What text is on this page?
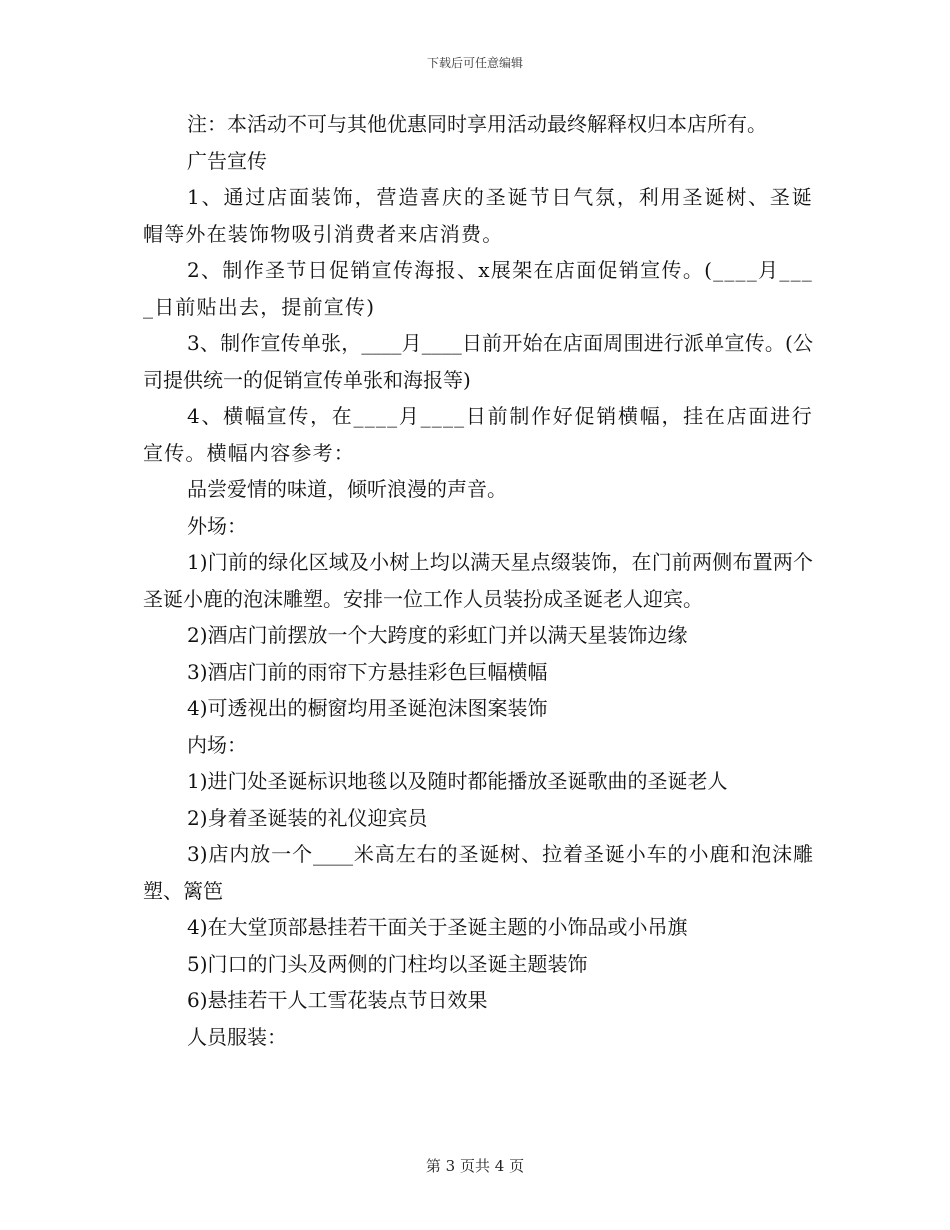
下载后可任意编辑

注：本活动不可与其他优惠同时享用活动最终解释权归本店所有。

广告宣传

1、通过店面装饰，营造喜庆的圣诞节日气氛，利用圣诞树、圣诞帽等外在装饰物吸引消费者来店消费。

2、制作圣节日促销宣传海报、x展架在店面促销宣传。(____月____日前贴出去，提前宣传)

3、制作宣传单张，____月____日前开始在店面周围进行派单宣传。(公司提供统一的促销宣传单张和海报等)

4、横幅宣传，在____月____日前制作好促销横幅，挂在店面进行宣传。横幅内容参考：

品尝爱情的味道，倾听浪漫的声音。

外场：

1)门前的绿化区域及小树上均以满天星点缀装饰，在门前两侧布置两个圣诞小鹿的泡沫雕塑。安排一位工作人员装扮成圣诞老人迎宾。

2)酒店门前摆放一个大跨度的彩虹门并以满天星装饰边缘

3)酒店门前的雨帘下方悬挂彩色巨幅横幅

4)可透视出的橱窗均用圣诞泡沫图案装饰

内场：

1)进门处圣诞标识地毯以及随时都能播放圣诞歌曲的圣诞老人

2)身着圣诞装的礼仪迎宾员

3)店内放一个____米高左右的圣诞树、拉着圣诞小车的小鹿和泡沫雕塑、篱笆

4)在大堂顶部悬挂若干面关于圣诞主题的小饰品或小吊旗

5)门口的门头及两侧的门柱均以圣诞主题装饰

6)悬挂若干人工雪花装点节日效果

人员服装：

第 3 页共 4 页
